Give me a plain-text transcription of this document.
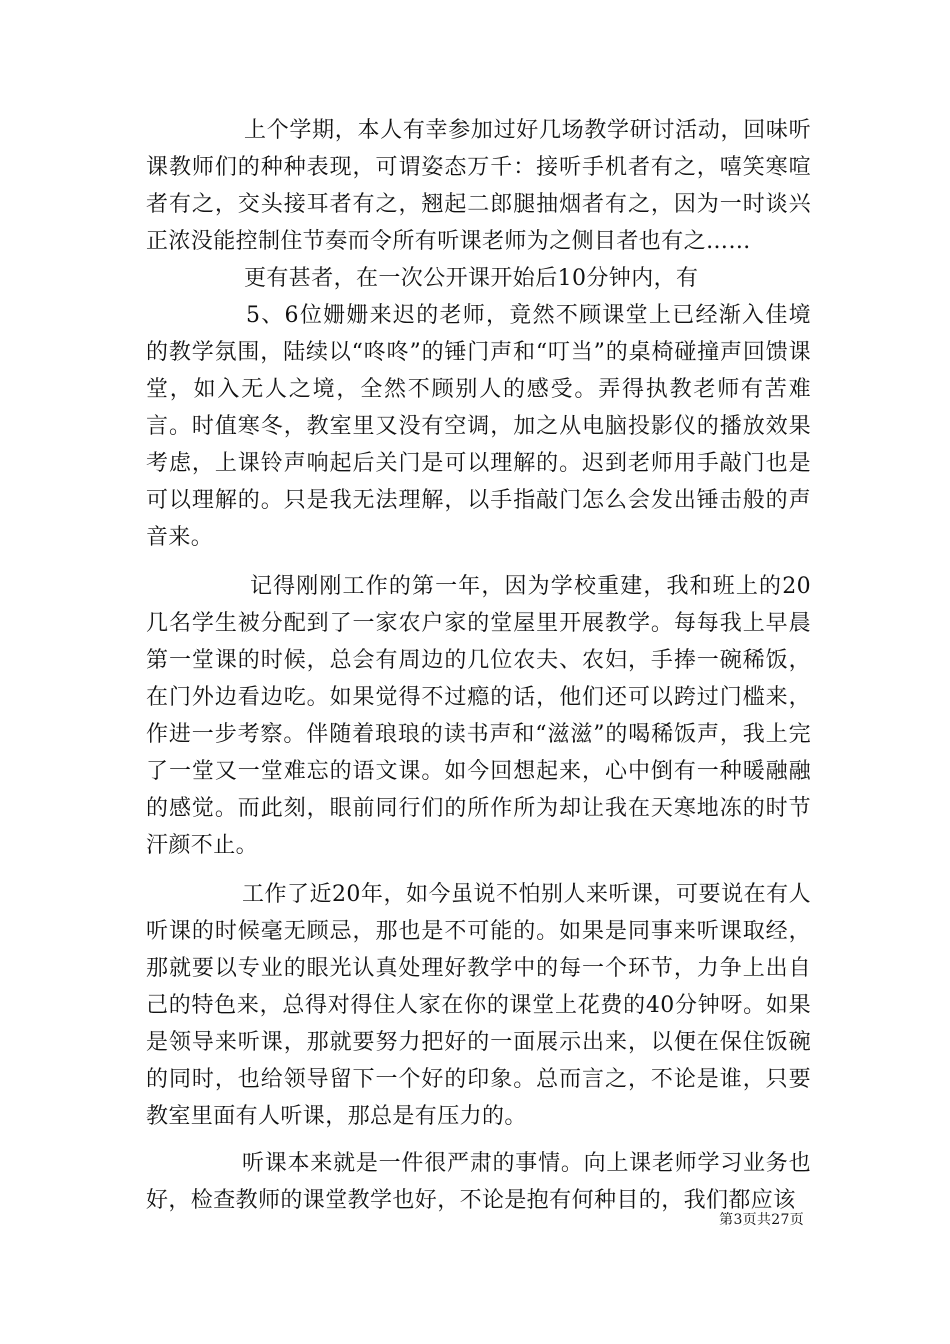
上个学期，本人有幸参加过好几场教学研讨活动，回味听课教师们的种种表现，可谓姿态万千：接听手机者有之，嘻笑寒喧者有之，交头接耳者有之，翘起二郎腿抽烟者有之，因为一时谈兴正浓没能控制住节奏而令所有听课老师为之侧目者也有之……

更有甚者，在一次公开课开始后10分钟内，有

5、6位姗姗来迟的老师，竟然不顾课堂上已经渐入佳境的教学氛围，陆续以“咚咚”的锤门声和“叮当”的桌椅碰撞声回馈课堂，如入无人之境，全然不顾别人的感受。弄得执教老师有苦难言。时值寒冬，教室里又没有空调，加之从电脑投影仪的播放效果考虑，上课铃声响起后关门是可以理解的。迟到老师用手敲门也是可以理解的。只是我无法理解，以手指敲门怎么会发出锤击般的声音来。

记得刚刚工作的第一年，因为学校重建，我和班上的20几名学生被分配到了一家农户家的堂屋里开展教学。每每我上早晨第一堂课的时候，总会有周边的几位农夫、农妇，手捧一碗稀饭，在门外边看边吃。如果觉得不过瘾的话，他们还可以跨过门槛来，作进一步考察。伴随着琅琅的读书声和“滋滋”的喝稀饭声，我上完了一堂又一堂难忘的语文课。如今回想起来，心中倒有一种暖融融的感觉。而此刻，眼前同行们的所作所为却让我在天寒地冻的时节汗颜不止。

工作了近20年，如今虽说不怕别人来听课，可要说在有人听课的时候毫无顾忌，那也是不可能的。如果是同事来听课取经，那就要以专业的眼光认真处理好教学中的每一个环节，力争上出自己的特色来，总得对得住人家在你的课堂上花费的40分钟呀。如果是领导来听课，那就要努力把好的一面展示出来，以便在保住饭碗的同时，也给领导留下一个好的印象。总而言之，不论是谁，只要教室里面有人听课，那总是有压力的。

听课本来就是一件很严肃的事情。向上课老师学习业务也好，检查教师的课堂教学也好，不论是抱有何种目的，我们都应该

第3页共27页
